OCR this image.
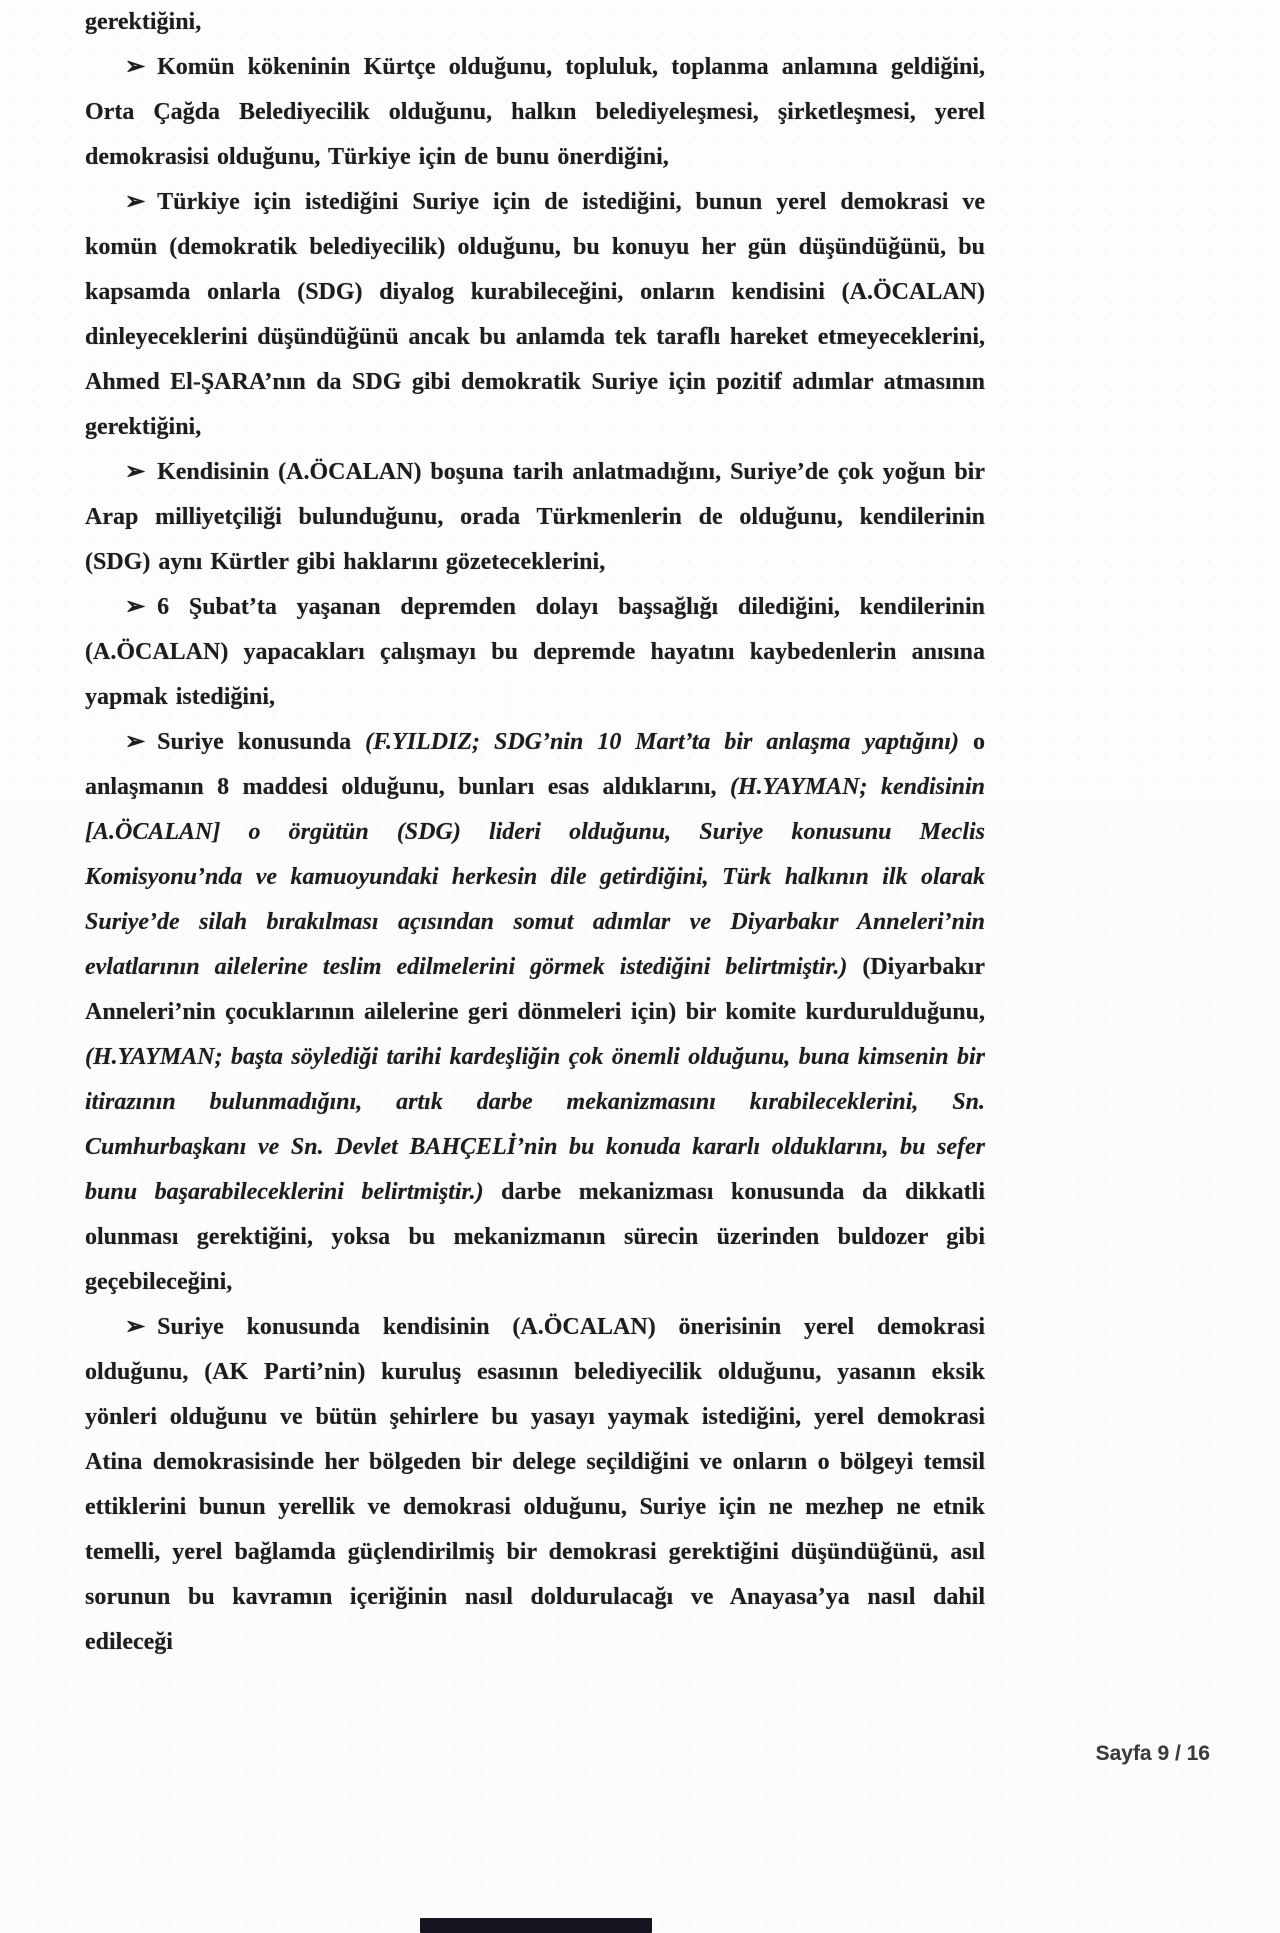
gerektiğini,

➢ Komün kökeninin Kürtçe olduğunu, topluluk, toplanma anlamına geldiğini, Orta Çağda Belediyecilik olduğunu, halkın belediyeleşmesi, şirketleşmesi, yerel demokrasisi olduğunu, Türkiye için de bunu önerdiğini,

➢ Türkiye için istediğini Suriye için de istediğini, bunun yerel demokrasi ve komün (demokratik belediyecilik) olduğunu, bu konuyu her gün düşündüğünü, bu kapsamda onlarla (SDG) diyalog kurabileceğini, onların kendisini (A.ÖCALAN) dinleyeceklerini düşündüğünü ancak bu anlamda tek taraflı hareket etmeyeceklerini, Ahmed El-ŞARA’nın da SDG gibi demokratik Suriye için pozitif adımlar atmasının gerektiğini,

➢ Kendisinin (A.ÖCALAN) boşuna tarih anlatmadığını, Suriye’de çok yoğun bir Arap milliyetçiliği bulunduğunu, orada Türkmenlerin de olduğunu, kendilerinin (SDG) aynı Kürtler gibi haklarını gözeteceklerini,

➢ 6 Şubat’ta yaşanan depremden dolayı başsağlığı dilediğini, kendilerinin (A.ÖCALAN) yapacakları çalışmayı bu depremde hayatını kaybedenlerin anısına yapmak istediğini,

➢ Suriye konusunda (F.YILDIZ; SDG’nin 10 Mart’ta bir anlaşma yaptığını) o anlaşmanın 8 maddesi olduğunu, bunları esas aldıklarını, (H.YAYMAN; kendisinin [A.ÖCALAN] o örgütün (SDG) lideri olduğunu, Suriye konusunu Meclis Komisyonu’nda ve kamuoyundaki herkesin dile getirdiğini, Türk halkının ilk olarak Suriye’de silah bırakılması açısından somut adımlar ve Diyarbakır Anneleri’nin evlatlarının ailelerine teslim edilmelerini görmek istediğini belirtmiştir.) (Diyarbakır Anneleri’nin çocuklarının ailelerine geri dönmeleri için) bir komite kurdurulduğunu, (H.YAYMAN; başta söylediği tarihi kardeşliğin çok önemli olduğunu, buna kimsenin bir itirazının bulunmadığını, artık darbe mekanizmasını kırabileceklerini, Sn. Cumhurbaşkanı ve Sn. Devlet BAHÇELİ’nin bu konuda kararlı olduklarını, bu sefer bunu başarabileceklerini belirtmiştir.) darbe mekanizması konusunda da dikkatli olunması gerektiğini, yoksa bu mekanizmanın sürecin üzerinden buldozer gibi geçebileceğini,

➢ Suriye konusunda kendisinin (A.ÖCALAN) önerisinin yerel demokrasi olduğunu, (AK Parti’nin) kuruluş esasının belediyecilik olduğunu, yasanın eksik yönleri olduğunu ve bütün şehirlere bu yasayı yaymak istediğini, yerel demokrasi Atina demokrasisinde her bölgeden bir delege seçildiğini ve onların o bölgeyi temsil ettiklerini bunun yerellik ve demokrasi olduğunu, Suriye için ne mezhep ne etnik temelli, yerel bağlamda güçlendirilmiş bir demokrasi gerektiğini düşündüğünü, asıl sorunun bu kavramın içeriğinin nasıl doldurulacağı ve Anayasa’ya nasıl dahil edileceği

Sayfa 9 / 16
